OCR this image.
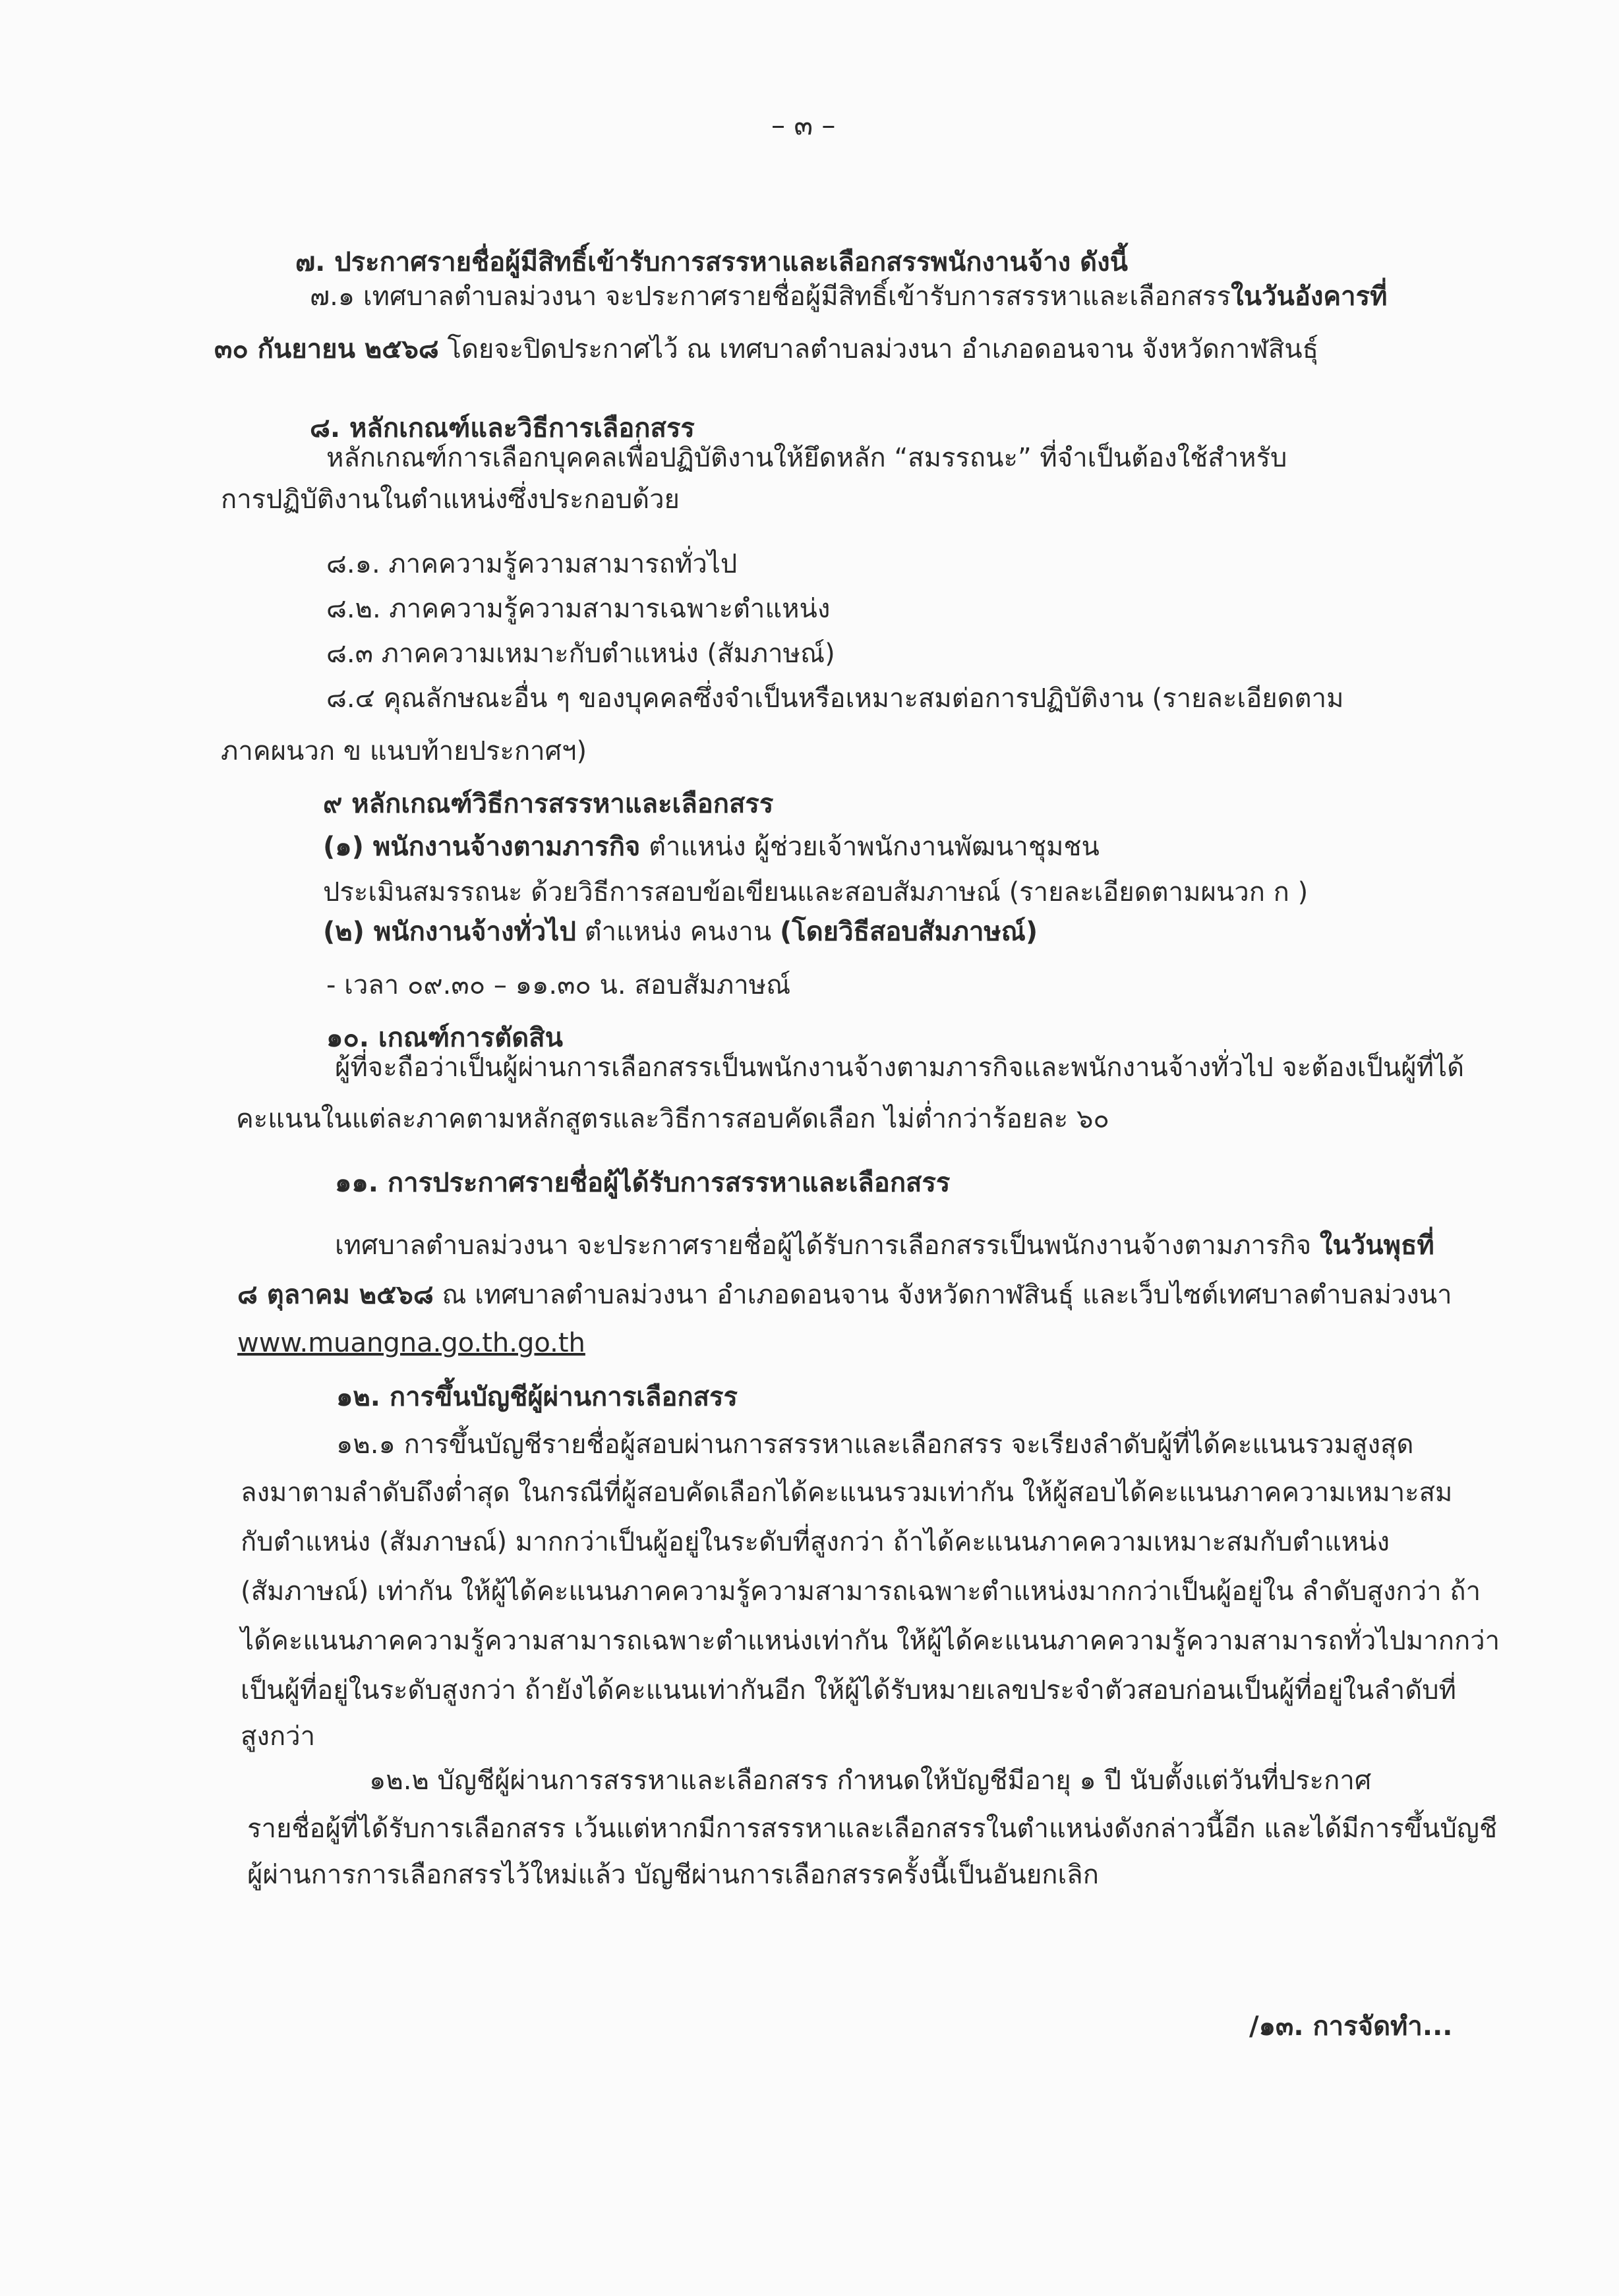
– ๓ –
๗. ประกาศรายชื่อผู้มีสิทธิ์เข้ารับการสรรหาและเลือกสรรพนักงานจ้าง ดังนี้
๗.๑ เทศบาลตำบลม่วงนา จะประกาศรายชื่อผู้มีสิทธิ์เข้ารับการสรรหาและเลือกสรรในวันอังคารที่
๓๐ กันยายน ๒๕๖๘ โดยจะปิดประกาศไว้ ณ เทศบาลตำบลม่วงนา อำเภอดอนจาน จังหวัดกาฬสินธุ์
๘. หลักเกณฑ์และวิธีการเลือกสรร
หลักเกณฑ์การเลือกบุคคลเพื่อปฏิบัติงานให้ยึดหลัก “สมรรถนะ” ที่จำเป็นต้องใช้สำหรับ
การปฏิบัติงานในตำแหน่งซึ่งประกอบด้วย
๘.๑. ภาคความรู้ความสามารถทั่วไป
๘.๒. ภาคความรู้ความสามารเฉพาะตำแหน่ง
๘.๓ ภาคความเหมาะกับตำแหน่ง (สัมภาษณ์)
๘.๔ คุณลักษณะอื่น ๆ ของบุคคลซึ่งจำเป็นหรือเหมาะสมต่อการปฏิบัติงาน (รายละเอียดตาม
ภาคผนวก ข แนบท้ายประกาศฯ)
๙ หลักเกณฑ์วิธีการสรรหาและเลือกสรร
(๑) พนักงานจ้างตามภารกิจ ตำแหน่ง ผู้ช่วยเจ้าพนักงานพัฒนาชุมชน
ประเมินสมรรถนะ ด้วยวิธีการสอบข้อเขียนและสอบสัมภาษณ์ (รายละเอียดตามผนวก ก )
(๒) พนักงานจ้างทั่วไป ตำแหน่ง คนงาน (โดยวิธีสอบสัมภาษณ์)
- เวลา ๐๙.๓๐ – ๑๑.๓๐ น. สอบสัมภาษณ์
๑๐. เกณฑ์การตัดสิน
ผู้ที่จะถือว่าเป็นผู้ผ่านการเลือกสรรเป็นพนักงานจ้างตามภารกิจและพนักงานจ้างทั่วไป จะต้องเป็นผู้ที่ได้
คะแนนในแต่ละภาคตามหลักสูตรและวิธีการสอบคัดเลือก ไม่ต่ำกว่าร้อยละ ๖๐
๑๑. การประกาศรายชื่อผู้ได้รับการสรรหาและเลือกสรร
เทศบาลตำบลม่วงนา จะประกาศรายชื่อผู้ได้รับการเลือกสรรเป็นพนักงานจ้างตามภารกิจ ในวันพุธที่
๘ ตุลาคม ๒๕๖๘ ณ เทศบาลตำบลม่วงนา อำเภอดอนจาน จังหวัดกาฬสินธุ์ และเว็บไซต์เทศบาลตำบลม่วงนา
www.muangna.go.th.go.th
๑๒. การขึ้นบัญชีผู้ผ่านการเลือกสรร
๑๒.๑ การขึ้นบัญชีรายชื่อผู้สอบผ่านการสรรหาและเลือกสรร จะเรียงลำดับผู้ที่ได้คะแนนรวมสูงสุด
ลงมาตามลำดับถึงต่ำสุด ในกรณีที่ผู้สอบคัดเลือกได้คะแนนรวมเท่ากัน ให้ผู้สอบได้คะแนนภาคความเหมาะสม
กับตำแหน่ง (สัมภาษณ์) มากกว่าเป็นผู้อยู่ในระดับที่สูงกว่า ถ้าได้คะแนนภาคความเหมาะสมกับตำแหน่ง
(สัมภาษณ์) เท่ากัน ให้ผู้ได้คะแนนภาคความรู้ความสามารถเฉพาะตำแหน่งมากกว่าเป็นผู้อยู่ใน ลำดับสูงกว่า ถ้า
ได้คะแนนภาคความรู้ความสามารถเฉพาะตำแหน่งเท่ากัน ให้ผู้ได้คะแนนภาคความรู้ความสามารถทั่วไปมากกว่า
เป็นผู้ที่อยู่ในระดับสูงกว่า ถ้ายังได้คะแนนเท่ากันอีก ให้ผู้ได้รับหมายเลขประจำตัวสอบก่อนเป็นผู้ที่อยู่ในลำดับที่
สูงกว่า
๑๒.๒ บัญชีผู้ผ่านการสรรหาและเลือกสรร กำหนดให้บัญชีมีอายุ ๑ ปี นับตั้งแต่วันที่ประกาศ
รายชื่อผู้ที่ได้รับการเลือกสรร เว้นแต่หากมีการสรรหาและเลือกสรรในตำแหน่งดังกล่าวนี้อีก และได้มีการขึ้นบัญชี
ผู้ผ่านการการเลือกสรรไว้ใหม่แล้ว บัญชีผ่านการเลือกสรรครั้งนี้เป็นอันยกเลิก
/๑๓. การจัดทำ...
